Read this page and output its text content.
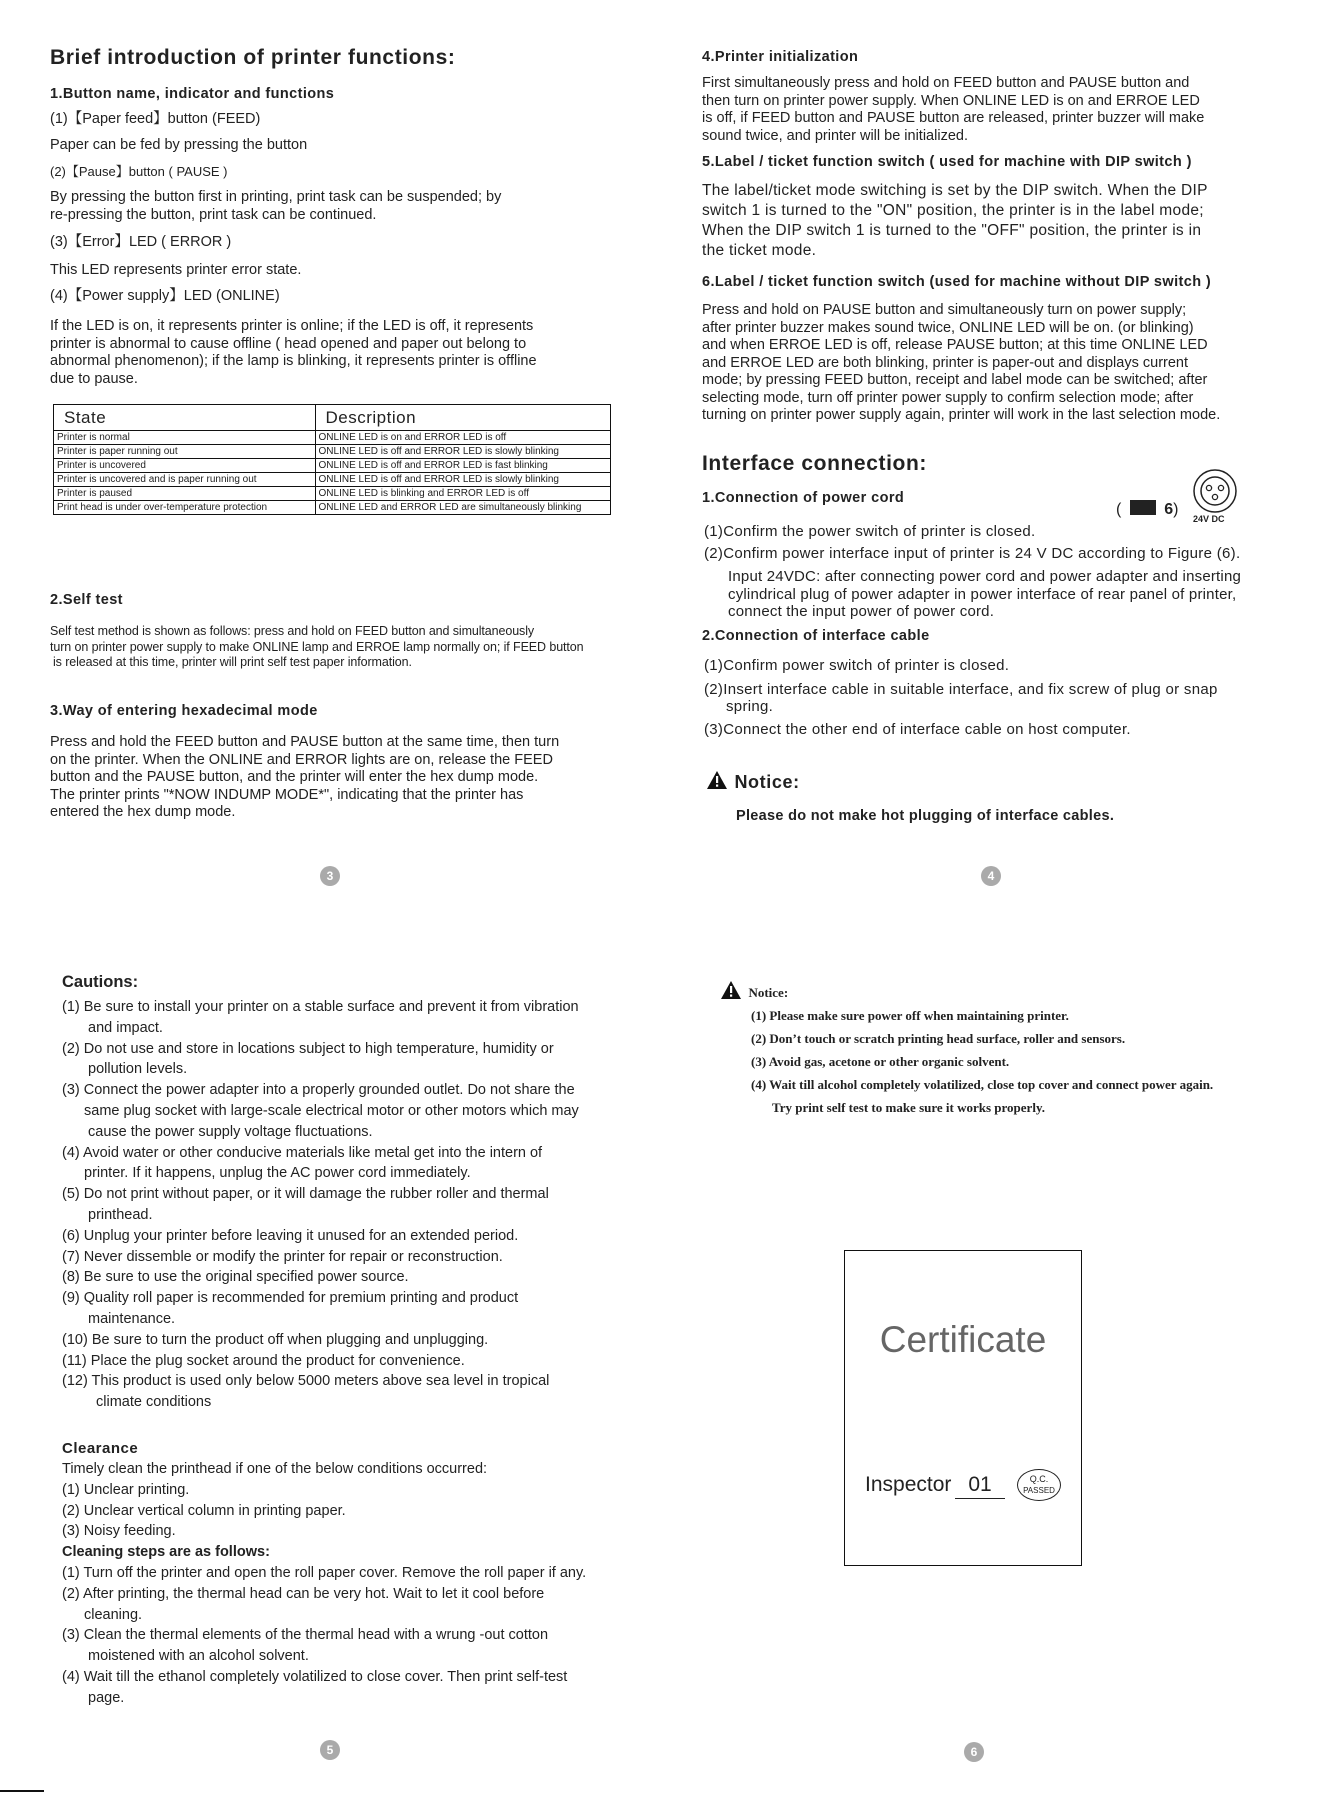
Brief introduction of printer functions:
1.Button name, indicator and functions
(1)【Paper feed】button (FEED)
Paper can be fed by pressing the button
(2)【Pause】button ( PAUSE )
By pressing the button first in printing, print task can be suspended; by
re-pressing the button, print task can be continued.
(3)【Error】LED ( ERROR )
This LED represents printer error state.
(4)【Power supply】LED (ONLINE)
If the LED is on, it represents printer is online; if the LED is off, it represents
printer is abnormal to cause offline ( head opened and paper out belong to
abnormal phenomenon); if the lamp is blinking, it represents printer is offline
due to pause.
State	Description
Printer is normal	ONLINE LED is on and ERROR LED is off
Printer is paper running out	ONLINE LED is off and ERROR LED is slowly blinking
Printer is uncovered	ONLINE LED is off and ERROR LED is fast blinking
Printer is uncovered and is paper running out	ONLINE LED is off and ERROR LED is slowly blinking
Printer is paused	ONLINE LED is blinking and ERROR LED is off
Print head is under over-temperature protection	ONLINE LED and ERROR LED are simultaneously blinking
2.Self test
Self test method is shown as follows: press and hold on FEED button and simultaneously
turn on printer power supply to make ONLINE lamp and ERROE lamp normally on; if FEED button
is released at this time, printer will print self test paper information.
3.Way of entering hexadecimal mode
Press and hold the FEED button and PAUSE button at the same time, then turn
on the printer. When the ONLINE and ERROR lights are on, release the FEED
button and the PAUSE button, and the printer will enter the hex dump mode.
The printer prints "*NOW INDUMP MODE*", indicating that the printer has
entered the hex dump mode.
3
4.Printer initialization
First simultaneously press and hold on FEED button and PAUSE button and
then turn on printer power supply. When ONLINE LED is on and ERROE LED
is off, if FEED button and PAUSE button are released, printer buzzer will make
sound twice, and printer will be initialized.
5.Label / ticket function switch ( used for machine with DIP switch )
The label/ticket mode switching is set by the DIP switch. When the DIP
switch 1 is turned to the "ON" position, the printer is in the label mode;
When the DIP switch 1 is turned to the "OFF" position, the printer is in
the ticket mode.
6.Label / ticket function switch (used for machine without DIP switch )
Press and hold on PAUSE button and simultaneously turn on power supply;
after printer buzzer makes sound twice, ONLINE LED will be on. (or blinking)
and when ERROE LED is off, release PAUSE button; at this time ONLINE LED
and ERROE LED are both blinking, printer is paper-out and displays current
mode; by pressing FEED button, receipt and label mode can be switched; after
selecting mode, turn off printer power supply to confirm selection mode; after
turning on printer power supply again, printer will work in the last selection mode.
Interface connection:
1.Connection of power cord
(	6)
24V DC
(1)Confirm the power switch of printer is closed.
(2)Confirm power interface input of printer is 24 V DC according to Figure (6).
Input 24VDC: after connecting power cord and power adapter and inserting
cylindrical plug of power adapter in power interface of rear panel of printer,
connect the input power of power cord.
2.Connection of interface cable
(1)Confirm power switch of printer is closed.
(2)Insert interface cable in suitable interface, and fix screw of plug or snap
spring.
(3)Connect the other end of interface cable on host computer.
Notice:
Please do not make hot plugging of interface cables.
4
Cautions:
(1) Be sure to install your printer on a stable surface and prevent it from vibration
and impact.
(2) Do not use and store in locations subject to high temperature, humidity or
pollution levels.
(3) Connect the power adapter into a properly grounded outlet. Do not share the
same plug socket with large-scale electrical motor or other motors which may
cause the power supply voltage fluctuations.
(4) Avoid water or other conducive materials like metal get into the intern of
printer. If it happens, unplug the AC power cord immediately.
(5) Do not print without paper, or it will damage the rubber roller and thermal
printhead.
(6) Unplug your printer before leaving it unused for an extended period.
(7) Never dissemble or modify the printer for repair or reconstruction.
(8) Be sure to use the original specified power source.
(9) Quality roll paper is recommended for premium printing and product
maintenance.
(10) Be sure to turn the product off when plugging and unplugging.
(11) Place the plug socket around the product for convenience.
(12) This product is used only below 5000 meters above sea level in tropical
climate conditions
Clearance
Timely clean the printhead if one of the below conditions occurred:
(1) Unclear printing.
(2) Unclear vertical column in printing paper.
(3) Noisy feeding.
Cleaning steps are as follows:
(1) Turn off the printer and open the roll paper cover. Remove the roll paper if any.
(2) After printing, the thermal head can be very hot. Wait to let it cool before
cleaning.
(3) Clean the thermal elements of the thermal head with a wrung -out cotton
moistened with an alcohol solvent.
(4) Wait till the ethanol completely volatilized to close cover. Then print self-test
page.
5
Notice:
(1) Please make sure power off when maintaining printer.
(2) Don’t touch or scratch printing head surface, roller and sensors.
(3) Avoid gas, acetone or other organic solvent.
(4) Wait till alcohol completely volatilized, close top cover and connect power again.
Try print self test to make sure it works properly.
Certificate
Inspector 01	Q.C.
PASSED
6
